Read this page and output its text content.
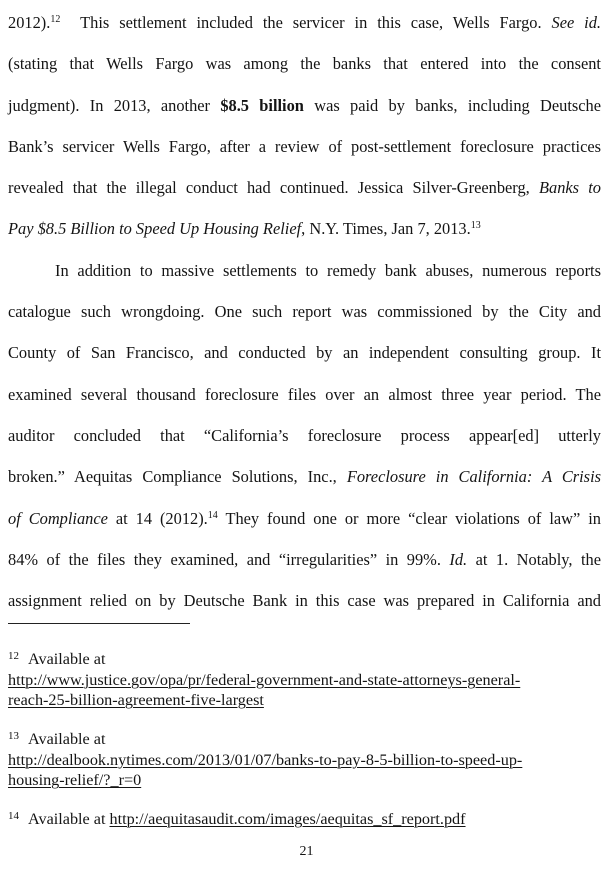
2012).$^{12}$ This settlement included the servicer in this case, Wells Fargo. See id.
(stating that Wells Fargo was among the banks that entered into the consent
judgment). In 2013, another $8.5 billion was paid by banks, including Deutsche
Bank’s servicer Wells Fargo, after a review of post-settlement foreclosure practices
revealed that the illegal conduct had continued. Jessica Silver-Greenberg, Banks to
Pay $8.5 Billion to Speed Up Housing Relief, N.Y. Times, Jan 7, 2013.13
In addition to massive settlements to remedy bank abuses, numerous reports
catalogue such wrongdoing. One such report was commissioned by the City and
County of San Francisco, and conducted by an independent consulting group. It
examined several thousand foreclosure files over an almost three year period. The
auditor concluded that “California’s foreclosure process appear[ed] utterly
broken.” Aequitas Compliance Solutions, Inc., Foreclosure in California: A Crisis
of Compliance at 14 (2012).$^{14}$ They found one or more “clear violations of law” in
84% of the files they examined, and “irregularities” in 99%. Id. at 1. Notably, the
assignment relied on by Deutsche Bank in this case was prepared in California and
$^{12}$ Available at
http://www.justice.gov/opa/pr/federal-government-and-state-attorneys-general-
reach-25-billion-agreement-five-largest
$^{13}$ Available at
http://dealbook.nytimes.com/2013/01/07/banks-to-pay-8-5-billion-to-speed-up-
housing-relief/?_r=0
$^{14}$ Available at http://aequitasaudit.com/images/aequitas_sf_report.pdf
21
